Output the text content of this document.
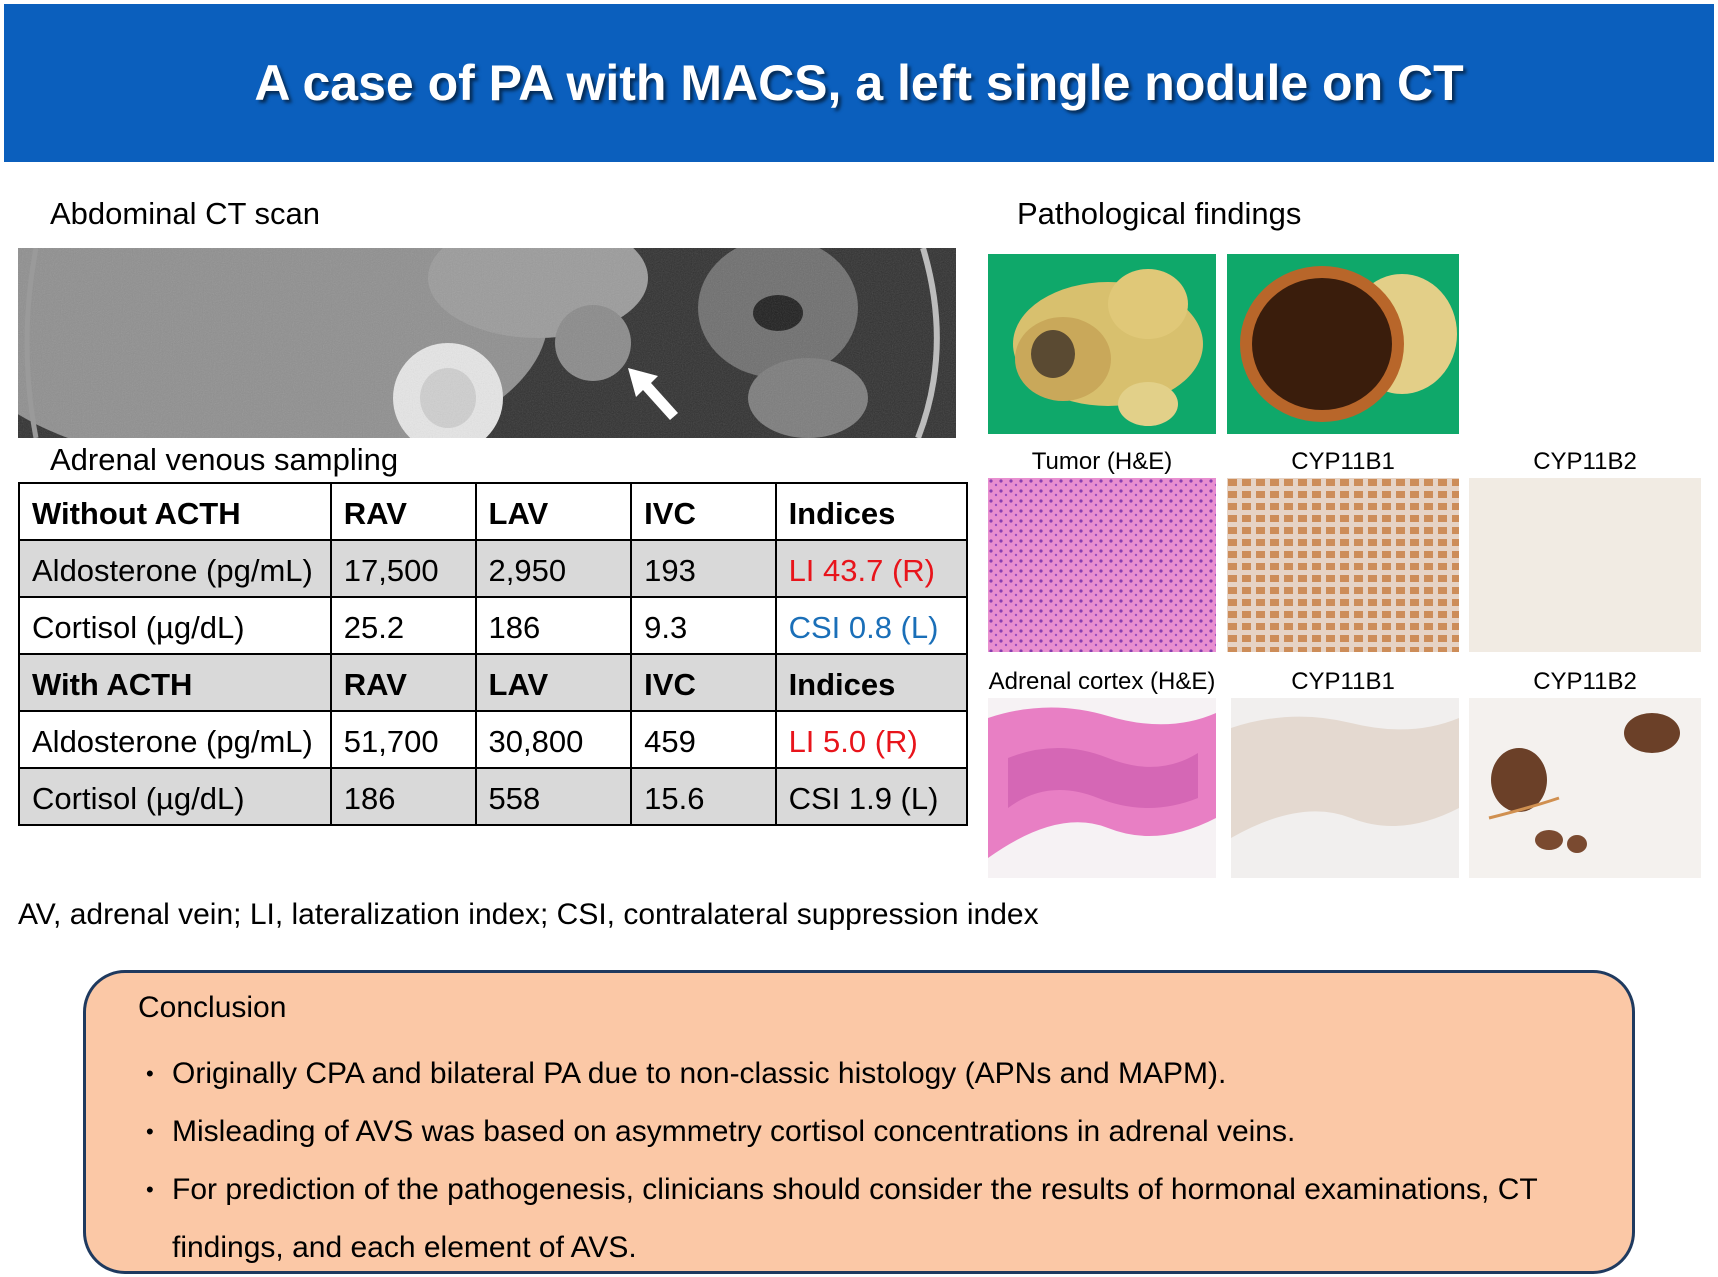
A case of PA with MACS, a left single nodule on CT
Abdominal CT scan
Adrenal venous sampling
Without ACTH	RAV	LAV	IVC	Indices
Aldosterone (pg/mL)	17,500	2,950	193	LI 43.7 (R)
Cortisol (µg/dL)	25.2	186	9.3	CSI 0.8 (L)
With ACTH	RAV	LAV	IVC	Indices
Aldosterone (pg/mL)	51,700	30,800	459	LI 5.0 (R)
Cortisol (µg/dL)	186	558	15.6	CSI 1.9 (L)
AV, adrenal vein; LI, lateralization index; CSI, contralateral suppression index
Pathological findings
Tumor (H&E)	CYP11B1	CYP11B2
Adrenal cortex (H&E)	CYP11B1	CYP11B2
Conclusion
• Originally CPA and bilateral PA due to non-classic histology (APNs and MAPM).
• Misleading of AVS was based on asymmetry cortisol concentrations in adrenal veins.
• For prediction of the pathogenesis, clinicians should consider the results of hormonal examinations, CT findings, and each element of AVS.
